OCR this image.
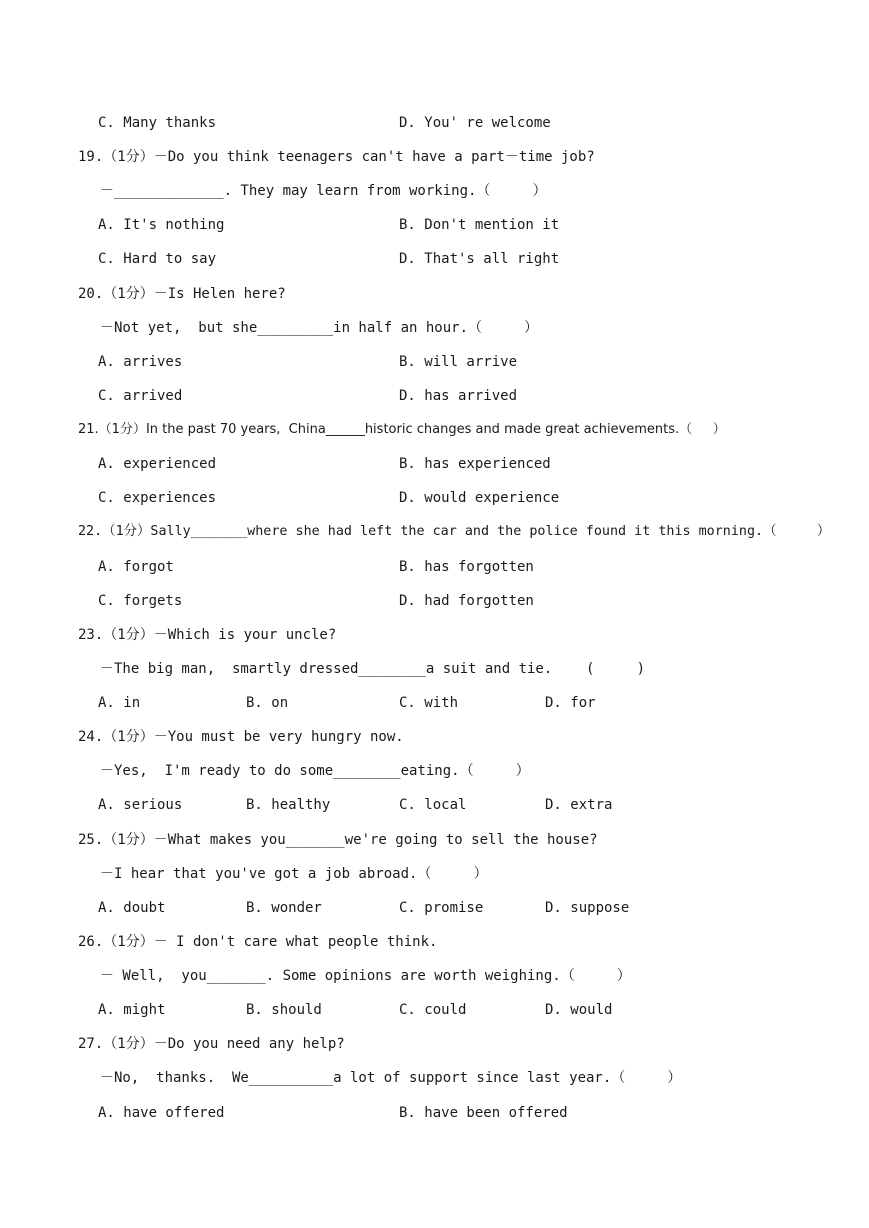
C. Many thanks	D. You' re welcome
19.（1分）－Do you think teenagers can't have a part－time job?
－_____________. They may learn from working.（     ）
A. It's nothing	B. Don't mention it
C. Hard to say	D. That's all right
20.（1分）－Is Helen here?
－Not yet,  but she_________in half an hour.（     ）
A. arrives	B. will arrive
C. arrived	D. has arrived
21.（1分）In the past 70 years,  China______historic changes and made great achievements.（     ）
A. experienced	B. has experienced
C. experiences	D. would experience
22.（1分）Sally_______where she had left the car and the police found it this morning.（     ）
A. forgot	B. has forgotten
C. forgets	D. had forgotten
23.（1分）－Which is your uncle?
－The big man,  smartly dressed________a suit and tie.    (     )
A. in	B. on	C. with	D. for
24.（1分）－You must be very hungry now.
－Yes,  I'm ready to do some________eating.（     ）
A. serious	B. healthy	C. local	D. extra
25.（1分）－What makes you_______we're going to sell the house?
－I hear that you've got a job abroad.（     ）
A. doubt	B. wonder	C. promise	D. suppose
26.（1分）－ I don't care what people think.
－ Well,  you_______. Some opinions are worth weighing.（     ）
A. might	B. should	C. could	D. would
27.（1分）－Do you need any help?
－No,  thanks.  We__________a lot of support since last year.（     ）
A. have offered	B. have been offered
